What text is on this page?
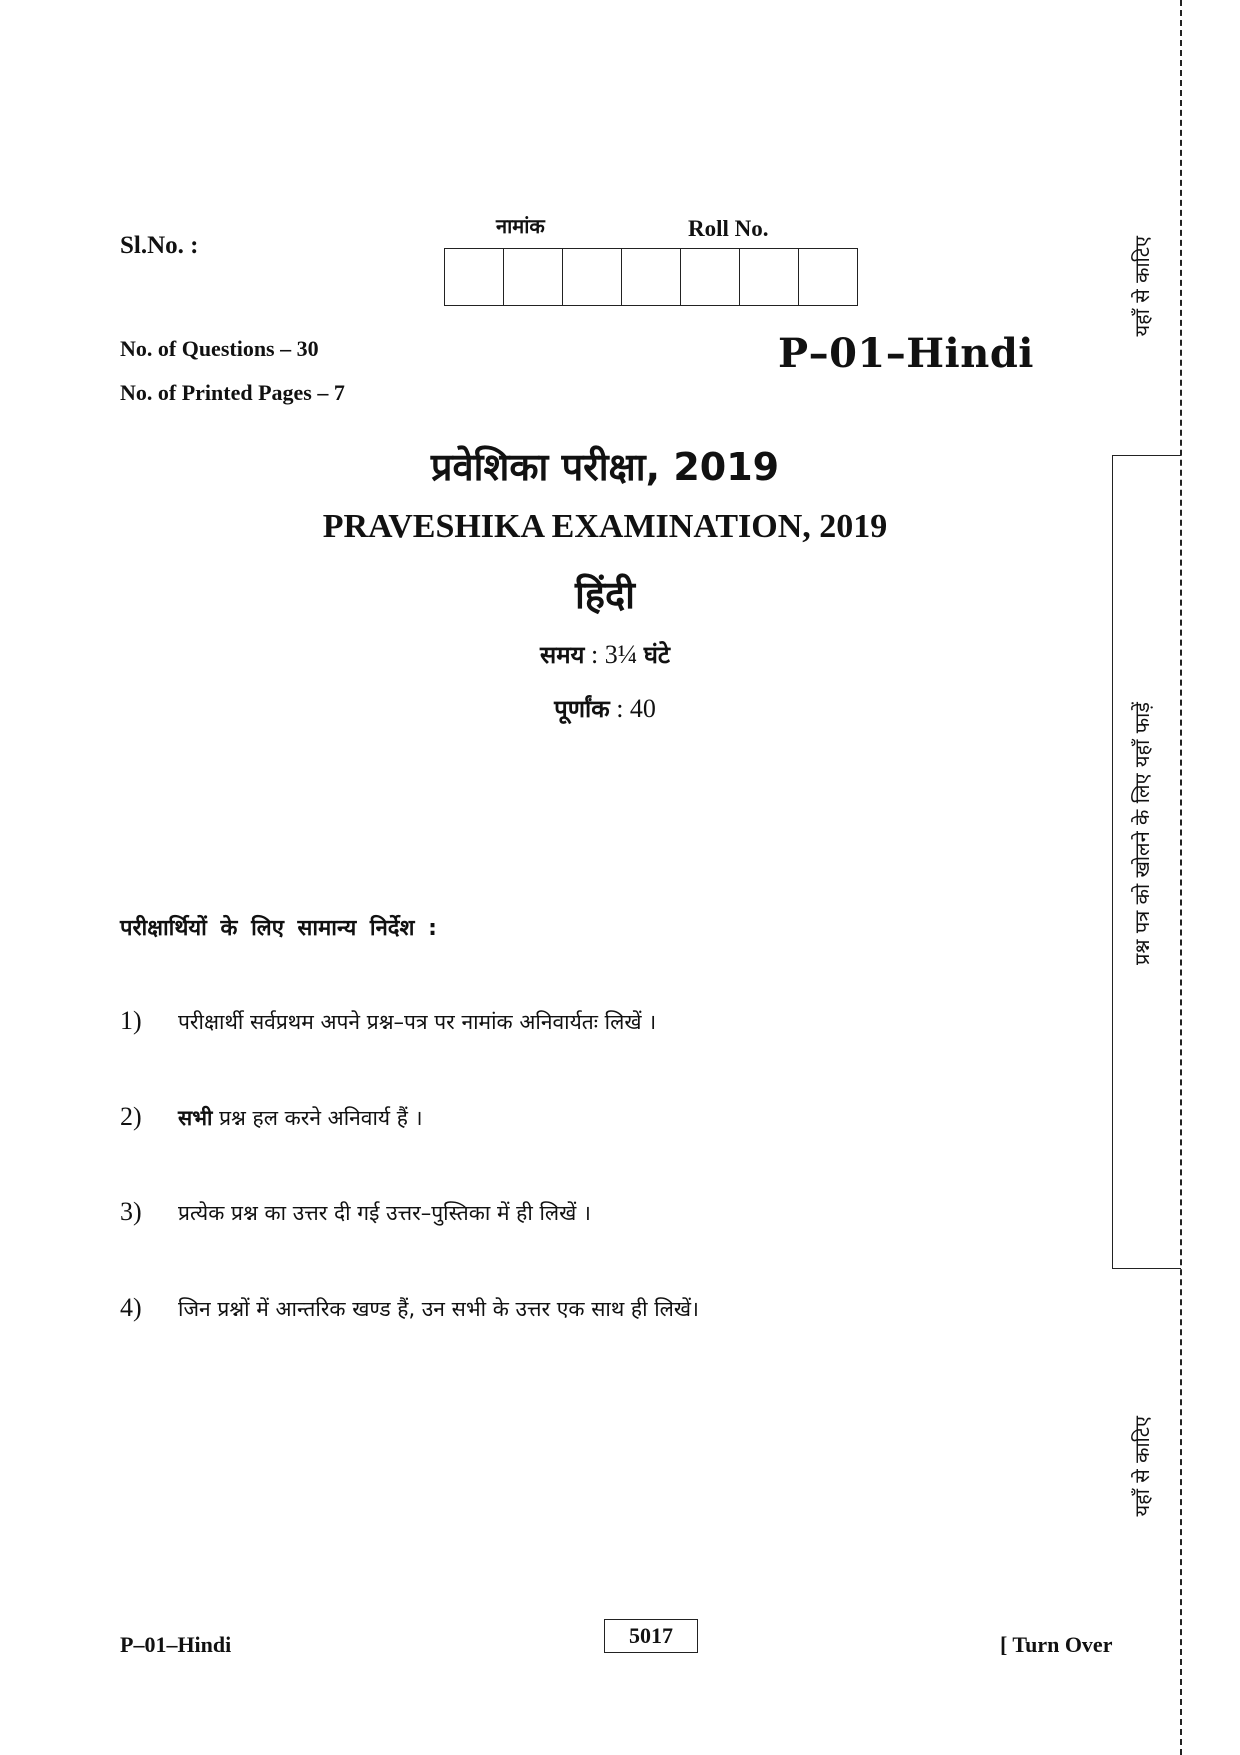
Sl.No. :
नामांक	Roll No.
No. of Questions – 30
No. of Printed Pages – 7
P–01–Hindi
प्रवेशिका परीक्षा, 2019
PRAVESHIKA EXAMINATION, 2019
हिंदी
समय : 3¼ घंटे
पूर्णांक : 40
परीक्षार्थियों के लिए सामान्य निर्देश :
1)	परीक्षार्थी सर्वप्रथम अपने प्रश्न–पत्र पर नामांक अनिवार्यतः लिखें ।
2)	सभी प्रश्न हल करने अनिवार्य हैं ।
3)	प्रत्येक प्रश्न का उत्तर दी गई उत्तर–पुस्तिका में ही लिखें ।
4)	जिन प्रश्नों में आन्तरिक खण्ड हैं, उन सभी के उत्तर एक साथ ही लिखें।
यहाँ से काटिए
प्रश्न पत्र को खोलने के लिए यहाँ फाड़ें
यहाँ से काटिए
P–01–Hindi	5017	[ Turn Over
